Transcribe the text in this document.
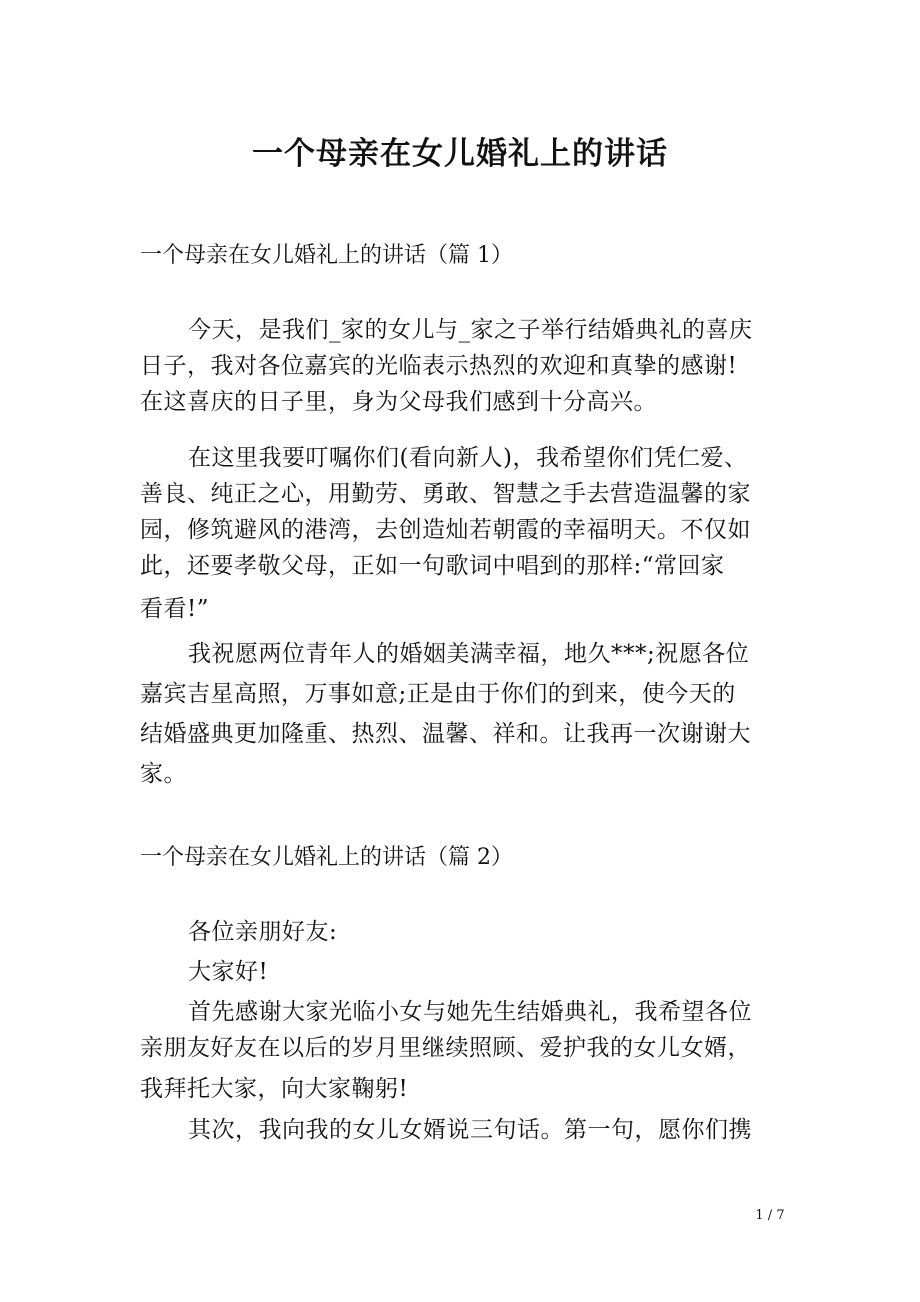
一个母亲在女儿婚礼上的讲话
一个母亲在女儿婚礼上的讲话（篇 1）
今天，是我们_家的女儿与_家之子举行结婚典礼的喜庆
日子，我对各位嘉宾的光临表示热烈的欢迎和真挚的感谢!
在这喜庆的日子里，身为父母我们感到十分高兴。
在这里我要叮嘱你们(看向新人)，我希望你们凭仁爱、
善良、纯正之心，用勤劳、勇敢、智慧之手去营造温馨的家
园，修筑避风的港湾，去创造灿若朝霞的幸福明天。不仅如
此，还要孝敬父母，正如一句歌词中唱到的那样:“常回家
看看!”
我祝愿两位青年人的婚姻美满幸福，地久***;祝愿各位
嘉宾吉星高照，万事如意;正是由于你们的到来，使今天的
结婚盛典更加隆重、热烈、温馨、祥和。让我再一次谢谢大
家。
一个母亲在女儿婚礼上的讲话（篇 2）
各位亲朋好友:
大家好!
首先感谢大家光临小女与她先生结婚典礼，我希望各位
亲朋友好友在以后的岁月里继续照顾、爱护我的女儿女婿，
我拜托大家，向大家鞠躬!
其次，我向我的女儿女婿说三句话。第一句，愿你们携
1 / 7
